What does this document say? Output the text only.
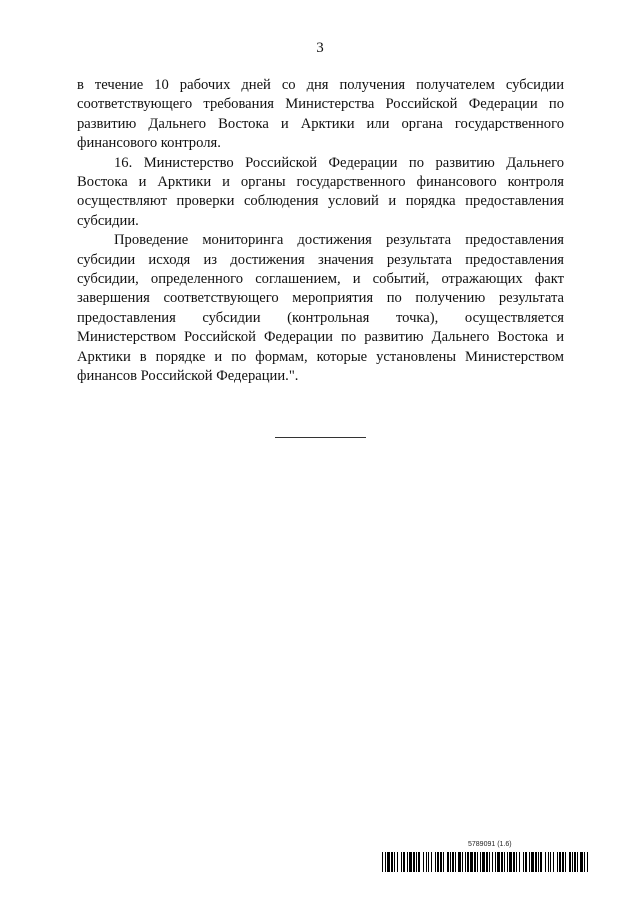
3

в течение 10 рабочих дней со дня получения получателем субсидии соответствующего требования Министерства Российской Федерации по развитию Дальнего Востока и Арктики или органа государственного финансового контроля.

16. Министерство Российской Федерации по развитию Дальнего Востока и Арктики и органы государственного финансового контроля осуществляют проверки соблюдения условий и порядка предоставления субсидии.

Проведение мониторинга достижения результата предоставления субсидии исходя из достижения значения результата предоставления субсидии, определенного соглашением, и событий, отражающих факт завершения соответствующего мероприятия по получению результата предоставления субсидии (контрольная точка), осуществляется Министерством Российской Федерации по развитию Дальнего Востока и Арктики в порядке и по формам, которые установлены Министерством финансов Российской Федерации.".

5789091 (1.6)
